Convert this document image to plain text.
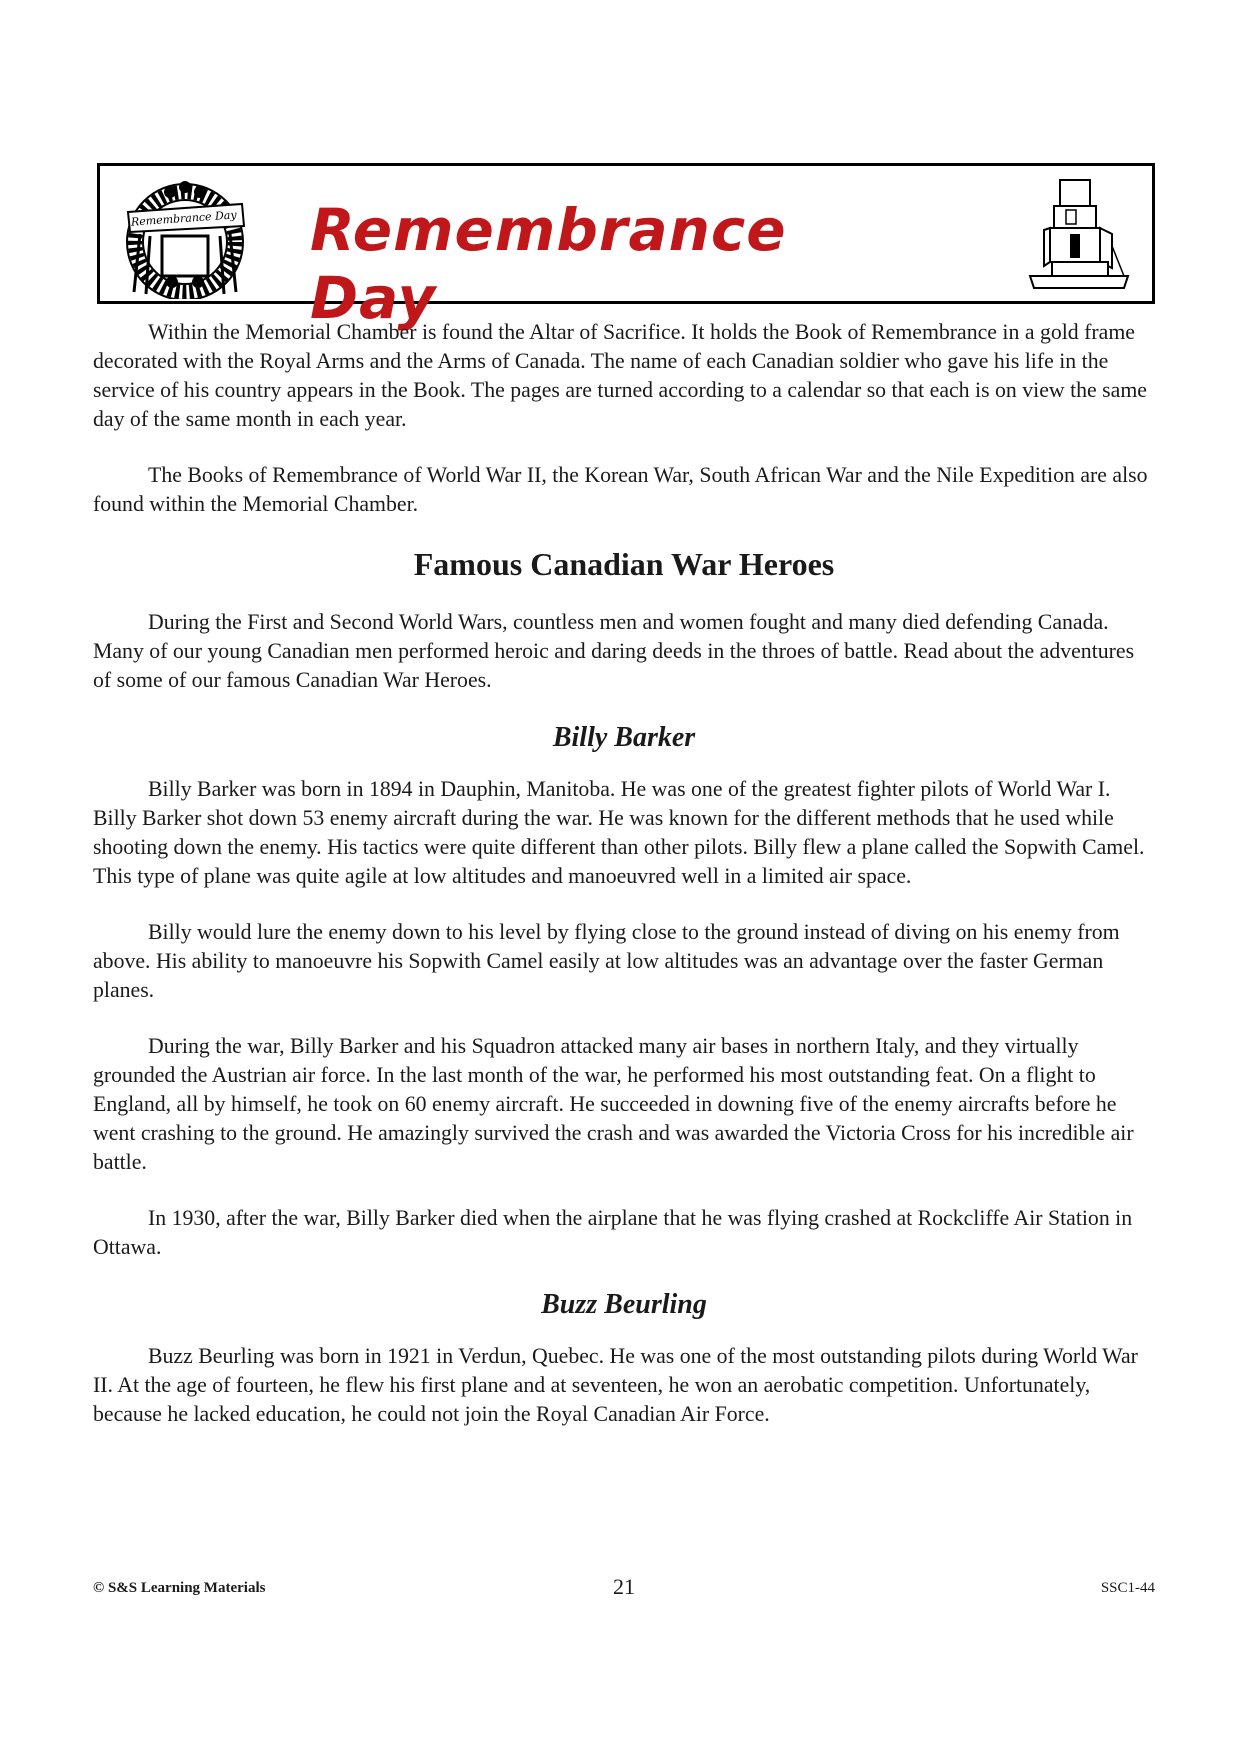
Remembrance Day Remembrance Day

Within the Memorial Chamber is found the Altar of Sacrifice. It holds the Book of Remembrance in a gold frame decorated with the Royal Arms and the Arms of Canada. The name of each Canadian soldier who gave his life in the service of his country appears in the Book. The pages are turned according to a calendar so that each is on view the same day of the same month in each year.

The Books of Remembrance of World War II, the Korean War, South African War and the Nile Expedition are also found within the Memorial Chamber.

Famous Canadian War Heroes

During the First and Second World Wars, countless men and women fought and many died defending Canada. Many of our young Canadian men performed heroic and daring deeds in the throes of battle. Read about the adventures of some of our famous Canadian War Heroes.

Billy Barker

Billy Barker was born in 1894 in Dauphin, Manitoba. He was one of the greatest fighter pilots of World War I. Billy Barker shot down 53 enemy aircraft during the war. He was known for the different methods that he used while shooting down the enemy. His tactics were quite different than other pilots. Billy flew a plane called the Sopwith Camel. This type of plane was quite agile at low altitudes and manoeuvred well in a limited air space.

Billy would lure the enemy down to his level by flying close to the ground instead of diving on his enemy from above. His ability to manoeuvre his Sopwith Camel easily at low altitudes was an advantage over the faster German planes.

During the war, Billy Barker and his Squadron attacked many air bases in northern Italy, and they virtually grounded the Austrian air force. In the last month of the war, he performed his most outstanding feat. On a flight to England, all by himself, he took on 60 enemy aircraft. He succeeded in downing five of the enemy aircrafts before he went crashing to the ground. He amazingly survived the crash and was awarded the Victoria Cross for his incredible air battle.

In 1930, after the war, Billy Barker died when the airplane that he was flying crashed at Rockcliffe Air Station in Ottawa.

Buzz Beurling

Buzz Beurling was born in 1921 in Verdun, Quebec. He was one of the most outstanding pilots during World War II. At the age of fourteen, he flew his first plane and at seventeen, he won an aerobatic competition. Unfortunately, because he lacked education, he could not join the Royal Canadian Air Force.

© S&S Learning Materials	21	SSC1-44
